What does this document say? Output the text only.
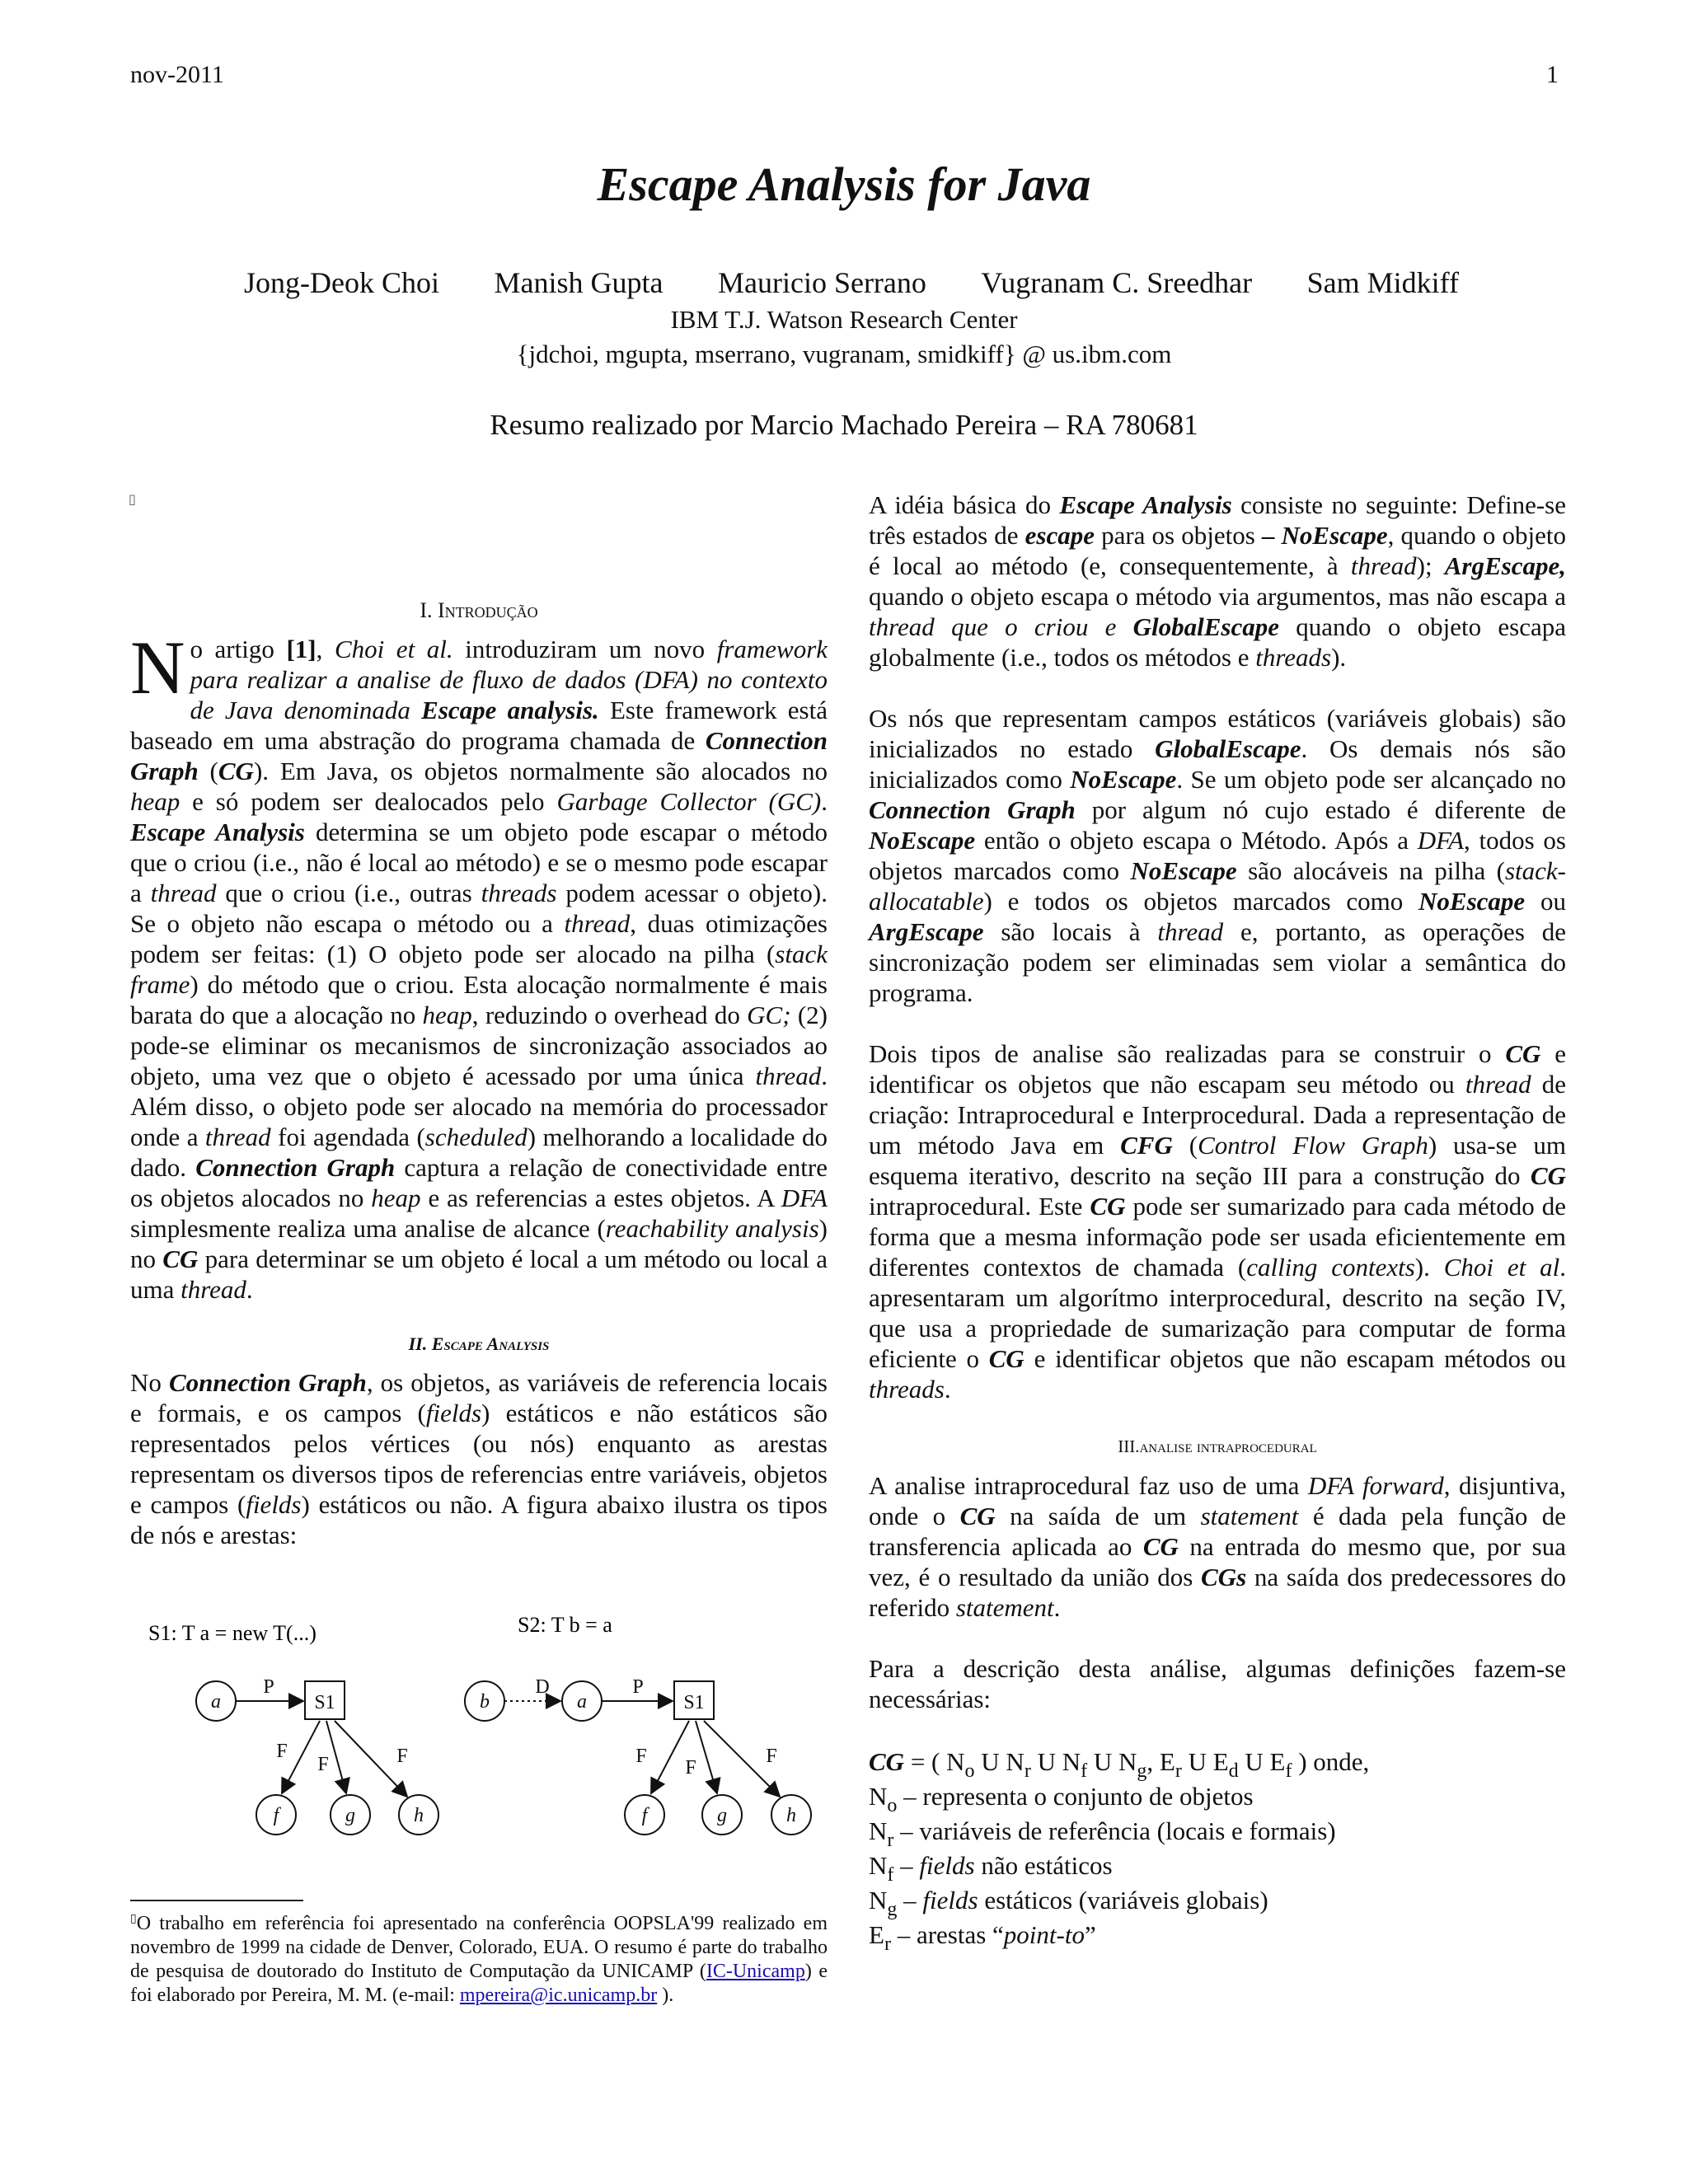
nov-2011	1
Escape Analysis for Java
Jong-Deok Choi Manish Gupta Mauricio Serrano Vugranam C. Sreedhar Sam Midkiff
IBM T.J. Watson Research Center
{jdchoi, mgupta, mserrano, vugranam, smidkiff} @ us.ibm.com
Resumo realizado por Marcio Machado Pereira – RA 780681
▯
I. Introdução

No artigo [1], Choi et al. introduziram um novo framework para realizar a analise de fluxo de dados (DFA) no contexto de Java denominada Escape analysis. Este framework está baseado em uma abstração do programa chamada de Connection Graph (CG). Em Java, os objetos normalmente são alocados no heap e só podem ser dealocados pelo Garbage Collector (GC). Escape Analysis determina se um objeto pode escapar o método que o criou (i.e., não é local ao método) e se o mesmo pode escapar a thread que o criou (i.e., outras threads podem acessar o objeto). Se o objeto não escapa o método ou a thread, duas otimizações podem ser feitas: (1) O objeto pode ser alocado na pilha (stack frame) do método que o criou. Esta alocação normalmente é mais barata do que a alocação no heap, reduzindo o overhead do GC; (2) pode-se eliminar os mecanismos de sincronização associados ao objeto, uma vez que o objeto é acessado por uma única thread. Além disso, o objeto pode ser alocado na memória do processador onde a thread foi agendada (scheduled) melhorando a localidade do dado. Connection Graph captura a relação de conectividade entre os objetos alocados no heap e as referencias a estes objetos. A DFA simplesmente realiza uma analise de alcance (reachability analysis) no CG para determinar se um objeto é local a um método ou local a uma thread.

II. Escape Analysis

No Connection Graph, os objetos, as variáveis de referencia locais e formais, e os campos (fields) estáticos e não estáticos são representados pelos vértices (ou nós) enquanto as arestas representam os diversos tipos de referencias entre variáveis, objetos e campos (fields) estáticos ou não. A figura abaixo ilustra os tipos de nós e arestas:

S1: T a = new T(...)	S2: T b = a
a	S1
f	g	h
P
F
F	F
b	a	S1
f	g	h
D	P
F
F
F
▯O trabalho em referência foi apresentado na conferência OOPSLA'99 realizado em novembro de 1999 na cidade de Denver, Colorado, EUA. O resumo é parte do trabalho de pesquisa de doutorado do Instituto de Computação da UNICAMP (IC-Unicamp) e foi elaborado por Pereira, M. M. (e-mail: mpereira@ic.unicamp.br ).

A idéia básica do Escape Analysis consiste no seguinte: Define-se três estados de escape para os objetos – NoEscape, quando o objeto é local ao método (e, consequentemente, à thread); ArgEscape, quando o objeto escapa o método via argumentos, mas não escapa a thread que o criou e GlobalEscape quando o objeto escapa globalmente (i.e., todos os métodos e threads).

Os nós que representam campos estáticos (variáveis globais) são inicializados no estado GlobalEscape. Os demais nós são inicializados como NoEscape. Se um objeto pode ser alcançado no Connection Graph por algum nó cujo estado é diferente de NoEscape então o objeto escapa o Método. Após a DFA, todos os objetos marcados como NoEscape são alocáveis na pilha (stack-allocatable) e todos os objetos marcados como NoEscape ou ArgEscape são locais à thread e, portanto, as operações de sincronização podem ser eliminadas sem violar a semântica do programa.

Dois tipos de analise são realizadas para se construir o CG e identificar os objetos que não escapam seu método ou thread de criação: Intraprocedural e Interprocedural. Dada a representação de um método Java em CFG (Control Flow Graph) usa-se um esquema iterativo, descrito na seção III para a construção do CG intraprocedural. Este CG pode ser sumarizado para cada método de forma que a mesma informação pode ser usada eficientemente em diferentes contextos de chamada (calling contexts). Choi et al. apresentaram um algorítmo interprocedural, descrito na seção IV, que usa a propriedade de sumarização para computar de forma eficiente o CG e identificar objetos que não escapam métodos ou threads.

III.analise intraprocedural

A analise intraprocedural faz uso de uma DFA forward, disjuntiva, onde o CG na saída de um statement é dada pela função de transferencia aplicada ao CG na entrada do mesmo que, por sua vez, é o resultado da união dos CGs na saída dos predecessores do referido statement.

Para a descrição desta análise, algumas definições fazem-se necessárias:

CG = ( $N_o$ U $N_r$ U $N_f$ U $N_g$, $E_r$ U $E_d$ U $E_f$ ) onde,
$N_o$ – representa o conjunto de objetos
$N_r$ – variáveis de referência (locais e formais)
$N_f$ – fields não estáticos
$N_g$ – fields estáticos (variáveis globais)
$E_r$ – arestas “point-to”
